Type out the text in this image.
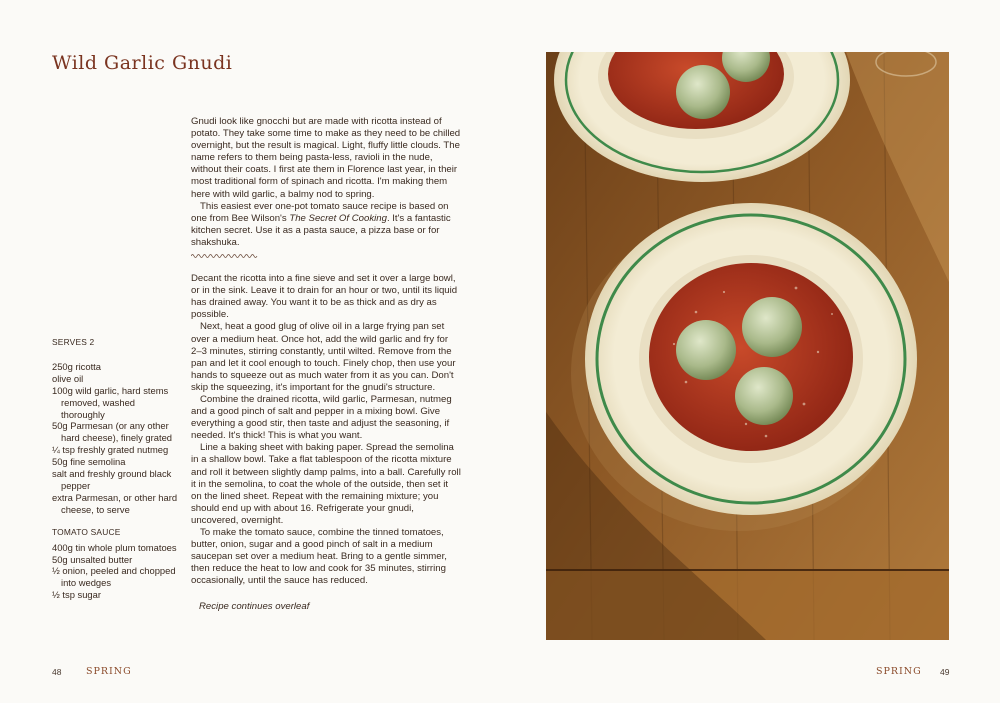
Wild Garlic Gnudi

Gnudi look like gnocchi but are made with ricotta instead of potato. They take some time to make as they need to be chilled overnight, but the result is magical. Light, fluffy little clouds. The name refers to them being pasta-less, ravioli in the nude, without their coats. I first ate them in Florence last year, in their most traditional form of spinach and ricotta. I'm making them here with wild garlic, a balmy nod to spring.

This easiest ever one-pot tomato sauce recipe is based on one from Bee Wilson's The Secret Of Cooking. It's a fantastic kitchen secret. Use it as a pasta sauce, a pizza base or for shakshuka.

Decant the ricotta into a fine sieve and set it over a large bowl, or in the sink. Leave it to drain for an hour or two, until its liquid has drained away. You want it to be as thick and as dry as possible.

Next, heat a good glug of olive oil in a large frying pan set over a medium heat. Once hot, add the wild garlic and fry for 2–3 minutes, stirring constantly, until wilted. Remove from the pan and let it cool enough to touch. Finely chop, then use your hands to squeeze out as much water from it as you can. Don't skip the squeezing, it's important for the gnudi's structure.

Combine the drained ricotta, wild garlic, Parmesan, nutmeg and a good pinch of salt and pepper in a mixing bowl. Give everything a good stir, then taste and adjust the seasoning, if needed. It's thick! This is what you want.

Line a baking sheet with baking paper. Spread the semolina in a shallow bowl. Take a flat tablespoon of the ricotta mixture and roll it between slightly damp palms, into a ball. Carefully roll it in the semolina, to coat the whole of the outside, then set it on the lined sheet. Repeat with the remaining mixture; you should end up with about 16. Refrigerate your gnudi, uncovered, overnight.

To make the tomato sauce, combine the tinned tomatoes, butter, onion, sugar and a good pinch of salt in a medium saucepan set over a medium heat. Bring to a gentle simmer, then reduce the heat to low and cook for 35 minutes, stirring occasionally, until the sauce has reduced.

Recipe continues overleaf
SERVES 2
250g ricotta
olive oil
100g wild garlic, hard stems removed, washed thoroughly
50g Parmesan (or any other hard cheese), finely grated
¼ tsp freshly grated nutmeg
50g fine semolina
salt and freshly ground black pepper
extra Parmesan, or other hard cheese, to serve
TOMATO SAUCE
400g tin whole plum tomatoes
50g unsalted butter
½ onion, peeled and chopped into wedges
½ tsp sugar
48	SPRING	SPRING 49
